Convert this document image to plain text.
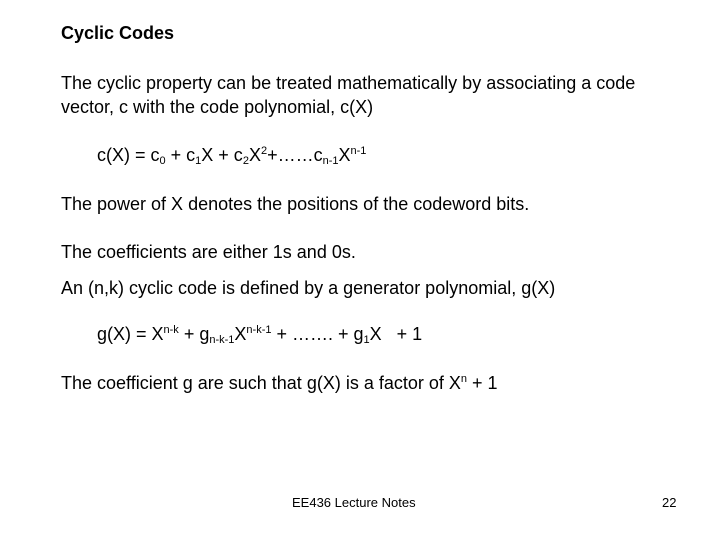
Cyclic Codes
The cyclic property can be treated mathematically by associating a code vector, c with the code polynomial, c(X)
$c(X) = c_0 + c_1X$ + $c_2X^2+\dots\dots c_{n-1}X^{n-1}$
The power of X denotes the positions of the codeword bits.
The coefficients are either 1s and 0s.
An (n,k) cyclic code is defined by a generator polynomial, g(X)
$g(X) = X^{n-k} + g_{n-k-1}X^{n-k-1}$ + ……. + $g_1X + 1$
The coefficient g are such that g(X) is a factor of $X^n + 1$
EE436 Lecture Notes	22
